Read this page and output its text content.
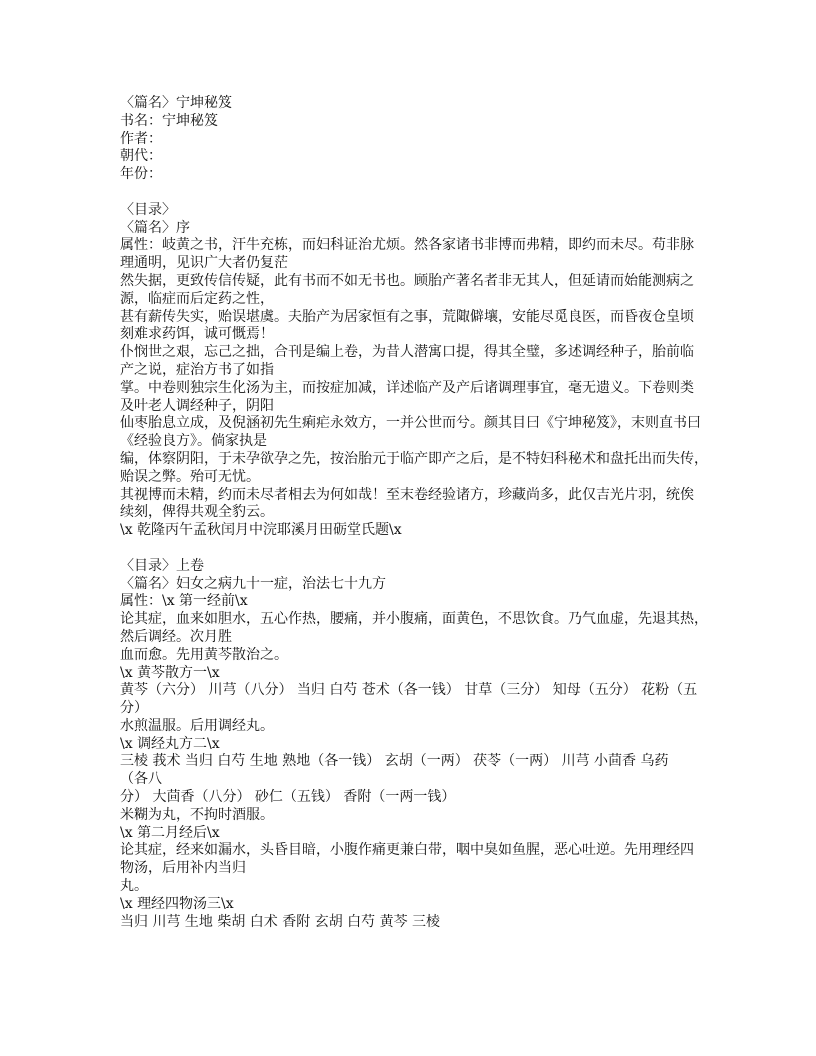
〈篇名〉宁坤秘笈
书名：宁坤秘笈
作者：
朝代：
年份：
〈目录〉
〈篇名〉序
属性：岐黄之书，汗牛充栋，而妇科证治尤烦。然各家诸书非博而弗精，即约而未尽。苟非脉
理通明，见识广大者仍复茫
然失据，更致传信传疑，此有书而不如无书也。顾胎产著名者非无其人，但延请而始能测病之
源，临症而后定药之性，
甚有薪传失实，贻误堪虞。夫胎产为居家恒有之事，荒陬僻壤，安能尽觅良医，而昏夜仓皇顷
刻难求药饵，诚可慨焉！
仆悯世之艰，忘己之拙，合刊是编上卷，为昔人潜寓口提，得其全璧，多述调经种子，胎前临
产之说，症治方书了如指
掌。中卷则独宗生化汤为主，而按症加减，详述临产及产后诸调理事宜，毫无遗义。下卷则类
及叶老人调经种子，阴阳
仙枣胎息立成，及倪涵初先生痢疟永效方，一并公世而兮。颜其目曰《宁坤秘笈》，末则直书曰
《经验良方》。倘家执是
编，体察阴阳，于未孕欲孕之先，按治胎元于临产即产之后，是不特妇科秘术和盘托出而失传，
贻误之弊。殆可无忧。
其视博而未精，约而未尽者相去为何如哉！至末卷经验诸方，珍藏尚多，此仅吉光片羽，统俟
续刻，俾得共观全豹云。
\x 乾隆丙午孟秋闰月中浣耶溪月田砺堂氏题\x
〈目录〉上卷
〈篇名〉妇女之病九十一症，治法七十九方
属性：\x 第一经前\x
论其症，血来如胆水，五心作热，腰痛，并小腹痛，面黄色，不思饮食。乃气血虚，先退其热，
然后调经。次月胜
血而愈。先用黄芩散治之。
\x 黄芩散方一\x
黄芩（六分） 川芎（八分） 当归 白芍 苍术（各一钱） 甘草（三分） 知母（五分） 花粉（五
分）
水煎温服。后用调经丸。
\x 调经丸方二\x
三棱 莪术 当归 白芍 生地 熟地（各一钱） 玄胡（一两） 茯苓（一两） 川芎 小茴香 乌药
（各八
分） 大茴香（八分） 砂仁（五钱） 香附（一两一钱）
米糊为丸，不拘时酒服。
\x 第二月经后\x
论其症，经来如漏水，头昏目暗，小腹作痛更兼白带，咽中臭如鱼腥，恶心吐逆。先用理经四
物汤，后用补内当归
丸。
\x 理经四物汤三\x
当归 川芎 生地 柴胡 白术 香附 玄胡 白芍 黄芩 三棱
